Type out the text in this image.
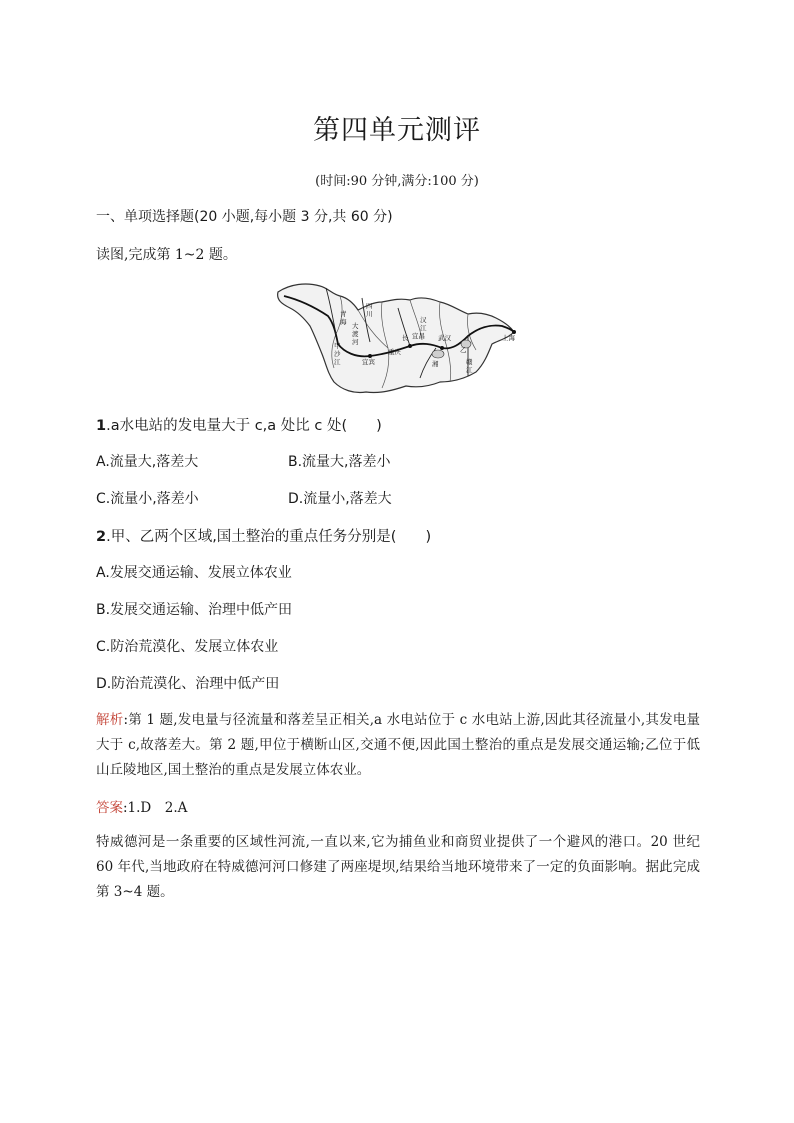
第四单元测评
(时间:90 分钟,满分:100 分)
一、单项选择题(20 小题,每小题 3 分,共 60 分)
读图,完成第 1~2 题。
青
海
四
川
甲
沙
江
大
渡
河
宜宾
重庆
长
汉
江
宜昌 武汉
乙
湘	赣
江
上海
1.a水电站的发电量大于 c,a 处比 c 处(　　)
A.流量大,落差大	B.流量大,落差小
C.流量小,落差小	D.流量小,落差大
2.甲、乙两个区域,国土整治的重点任务分别是(　　)
A.发展交通运输、发展立体农业
B.发展交通运输、治理中低产田
C.防治荒漠化、发展立体农业
D.防治荒漠化、治理中低产田
解析:第 1 题,发电量与径流量和落差呈正相关,a 水电站位于 c 水电站上游,因此其径流量小,其发电量大于 c,故落差大。第 2 题,甲位于横断山区,交通不便,因此国土整治的重点是发展交通运输;乙位于低山丘陵地区,国土整治的重点是发展立体农业。
答案:1.D　2.A
特威德河是一条重要的区域性河流,一直以来,它为捕鱼业和商贸业提供了一个避风的港口。20 世纪 60 年代,当地政府在特威德河河口修建了两座堤坝,结果给当地环境带来了一定的负面影响。据此完成第 3~4 题。
